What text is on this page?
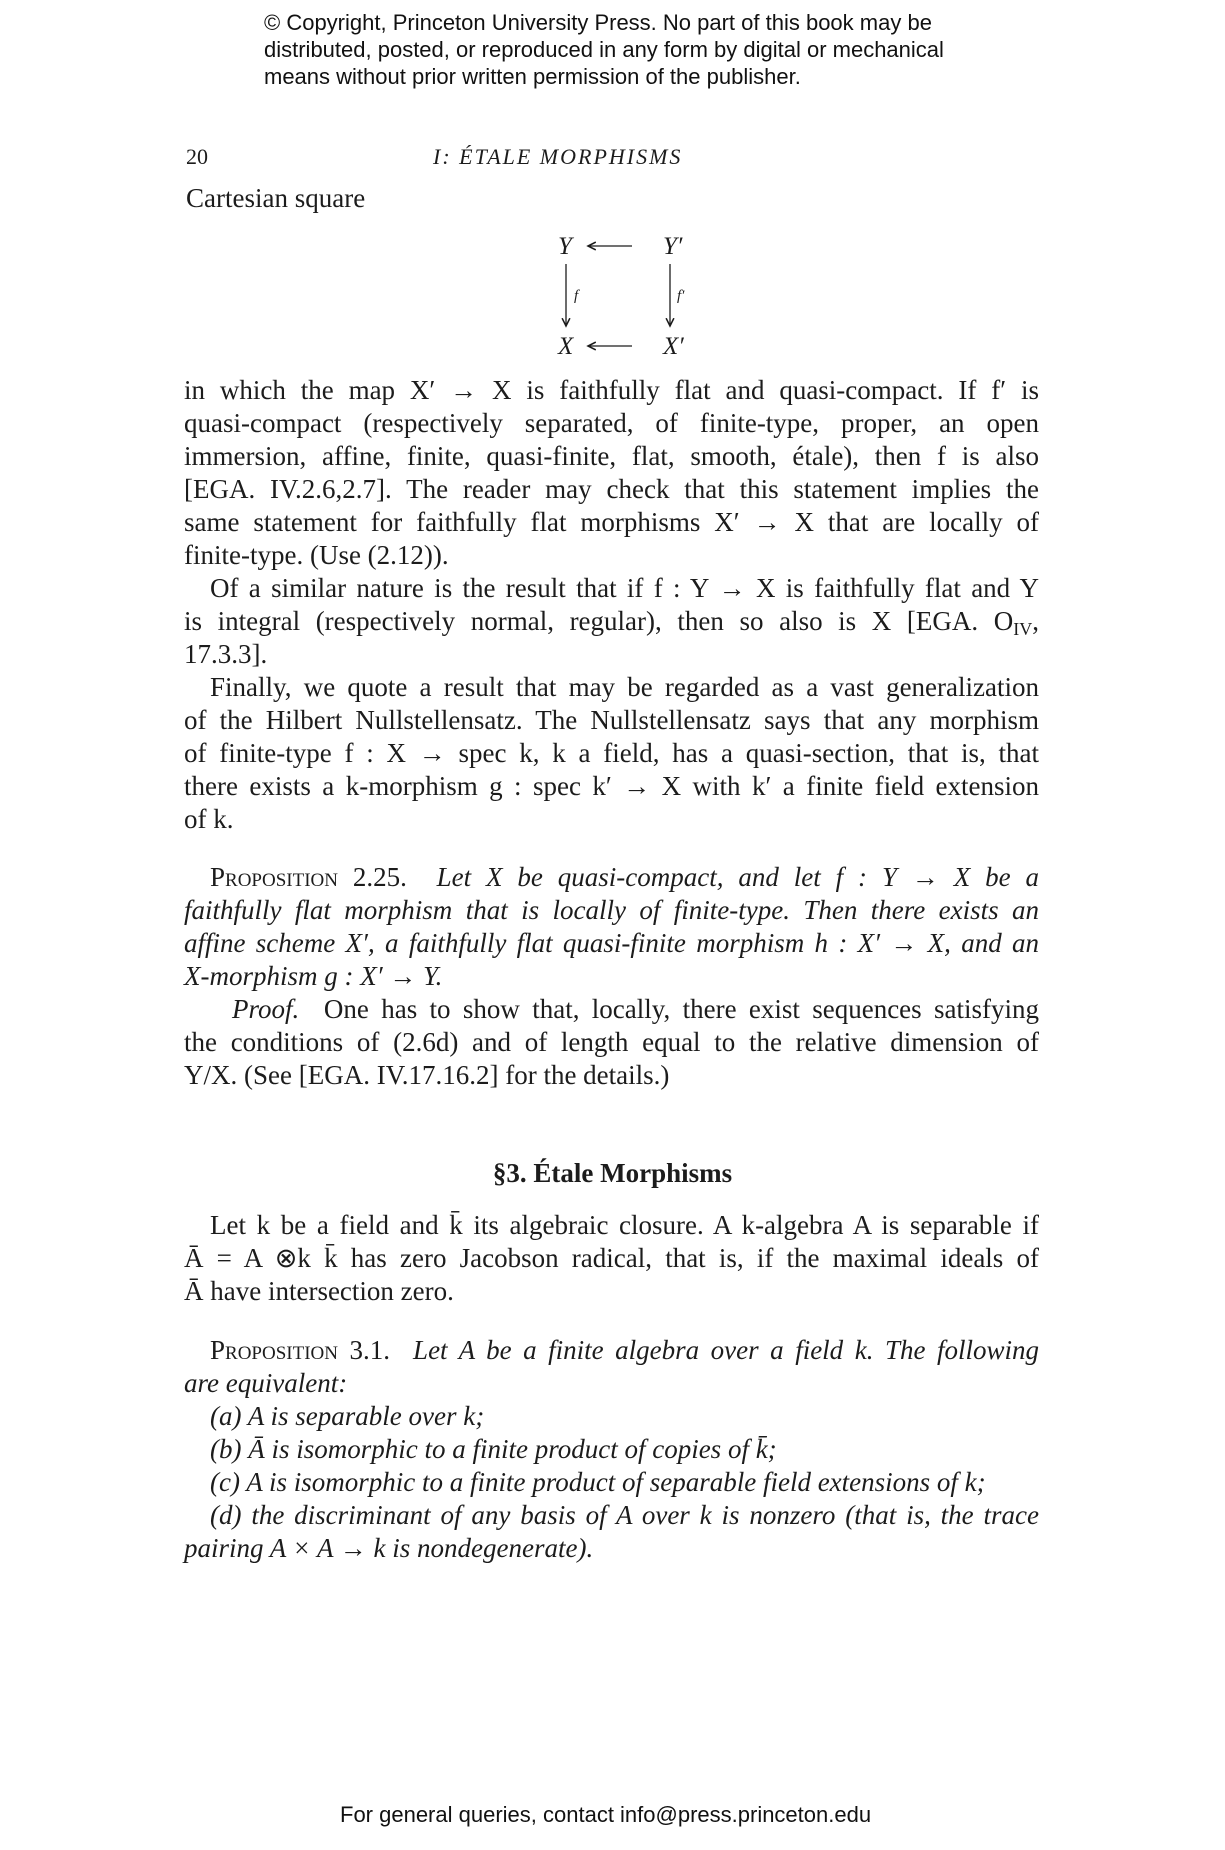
© Copyright, Princeton University Press. No part of this book may be
distributed, posted, or reproduced in any form by digital or mechanical
means without prior written permission of the publisher.
20	I: ÉTALE MORPHISMS
Cartesian square
Y	Y′
X	X′
f	f′
in which the map X′ → X is faithfully flat and quasi-compact. If f′ is
quasi-compact (respectively separated, of finite-type, proper, an open
immersion, affine, finite, quasi-finite, flat, smooth, étale), then f is also
[EGA. IV.2.6,2.7]. The reader may check that this statement implies the
same statement for faithfully flat morphisms X′ → X that are locally of
finite-type. (Use (2.12)).
Of a similar nature is the result that if f : Y → X is faithfully flat and Y
is integral (respectively normal, regular), then so also is X [EGA. $O_{IV}$,
17.3.3].
Finally, we quote a result that may be regarded as a vast generalization
of the Hilbert Nullstellensatz. The Nullstellensatz says that any morphism
of finite-type f : X → spec k, k a field, has a quasi-section, that is, that
there exists a k-morphism g : spec k′ → X with k′ a finite field extension
of k.
Proposition 2.25. Let X be quasi-compact, and let f : Y → X be a
faithfully flat morphism that is locally of finite-type. Then there exists an
affine scheme X′, a faithfully flat quasi-finite morphism h : X′ → X, and an
X-morphism g : X′ → Y.
Proof. One has to show that, locally, there exist sequences satisfying
the conditions of (2.6d) and of length equal to the relative dimension of
Y/X. (See [EGA. IV.17.16.2] for the details.)
§3. Étale Morphisms
Let k be a field and k̄ its algebraic closure. A k-algebra A is separable if
Ā = A ⊗k k̄ has zero Jacobson radical, that is, if the maximal ideals of
Ā have intersection zero.
Proposition 3.1. Let A be a finite algebra over a field k. The following
are equivalent:
(a) A is separable over k;
(b) Ā is isomorphic to a finite product of copies of k̄;
(c) A is isomorphic to a finite product of separable field extensions of k;
(d) the discriminant of any basis of A over k is nonzero (that is, the trace
pairing A × A → k is nondegenerate).
For general queries, contact info@press.princeton.edu
